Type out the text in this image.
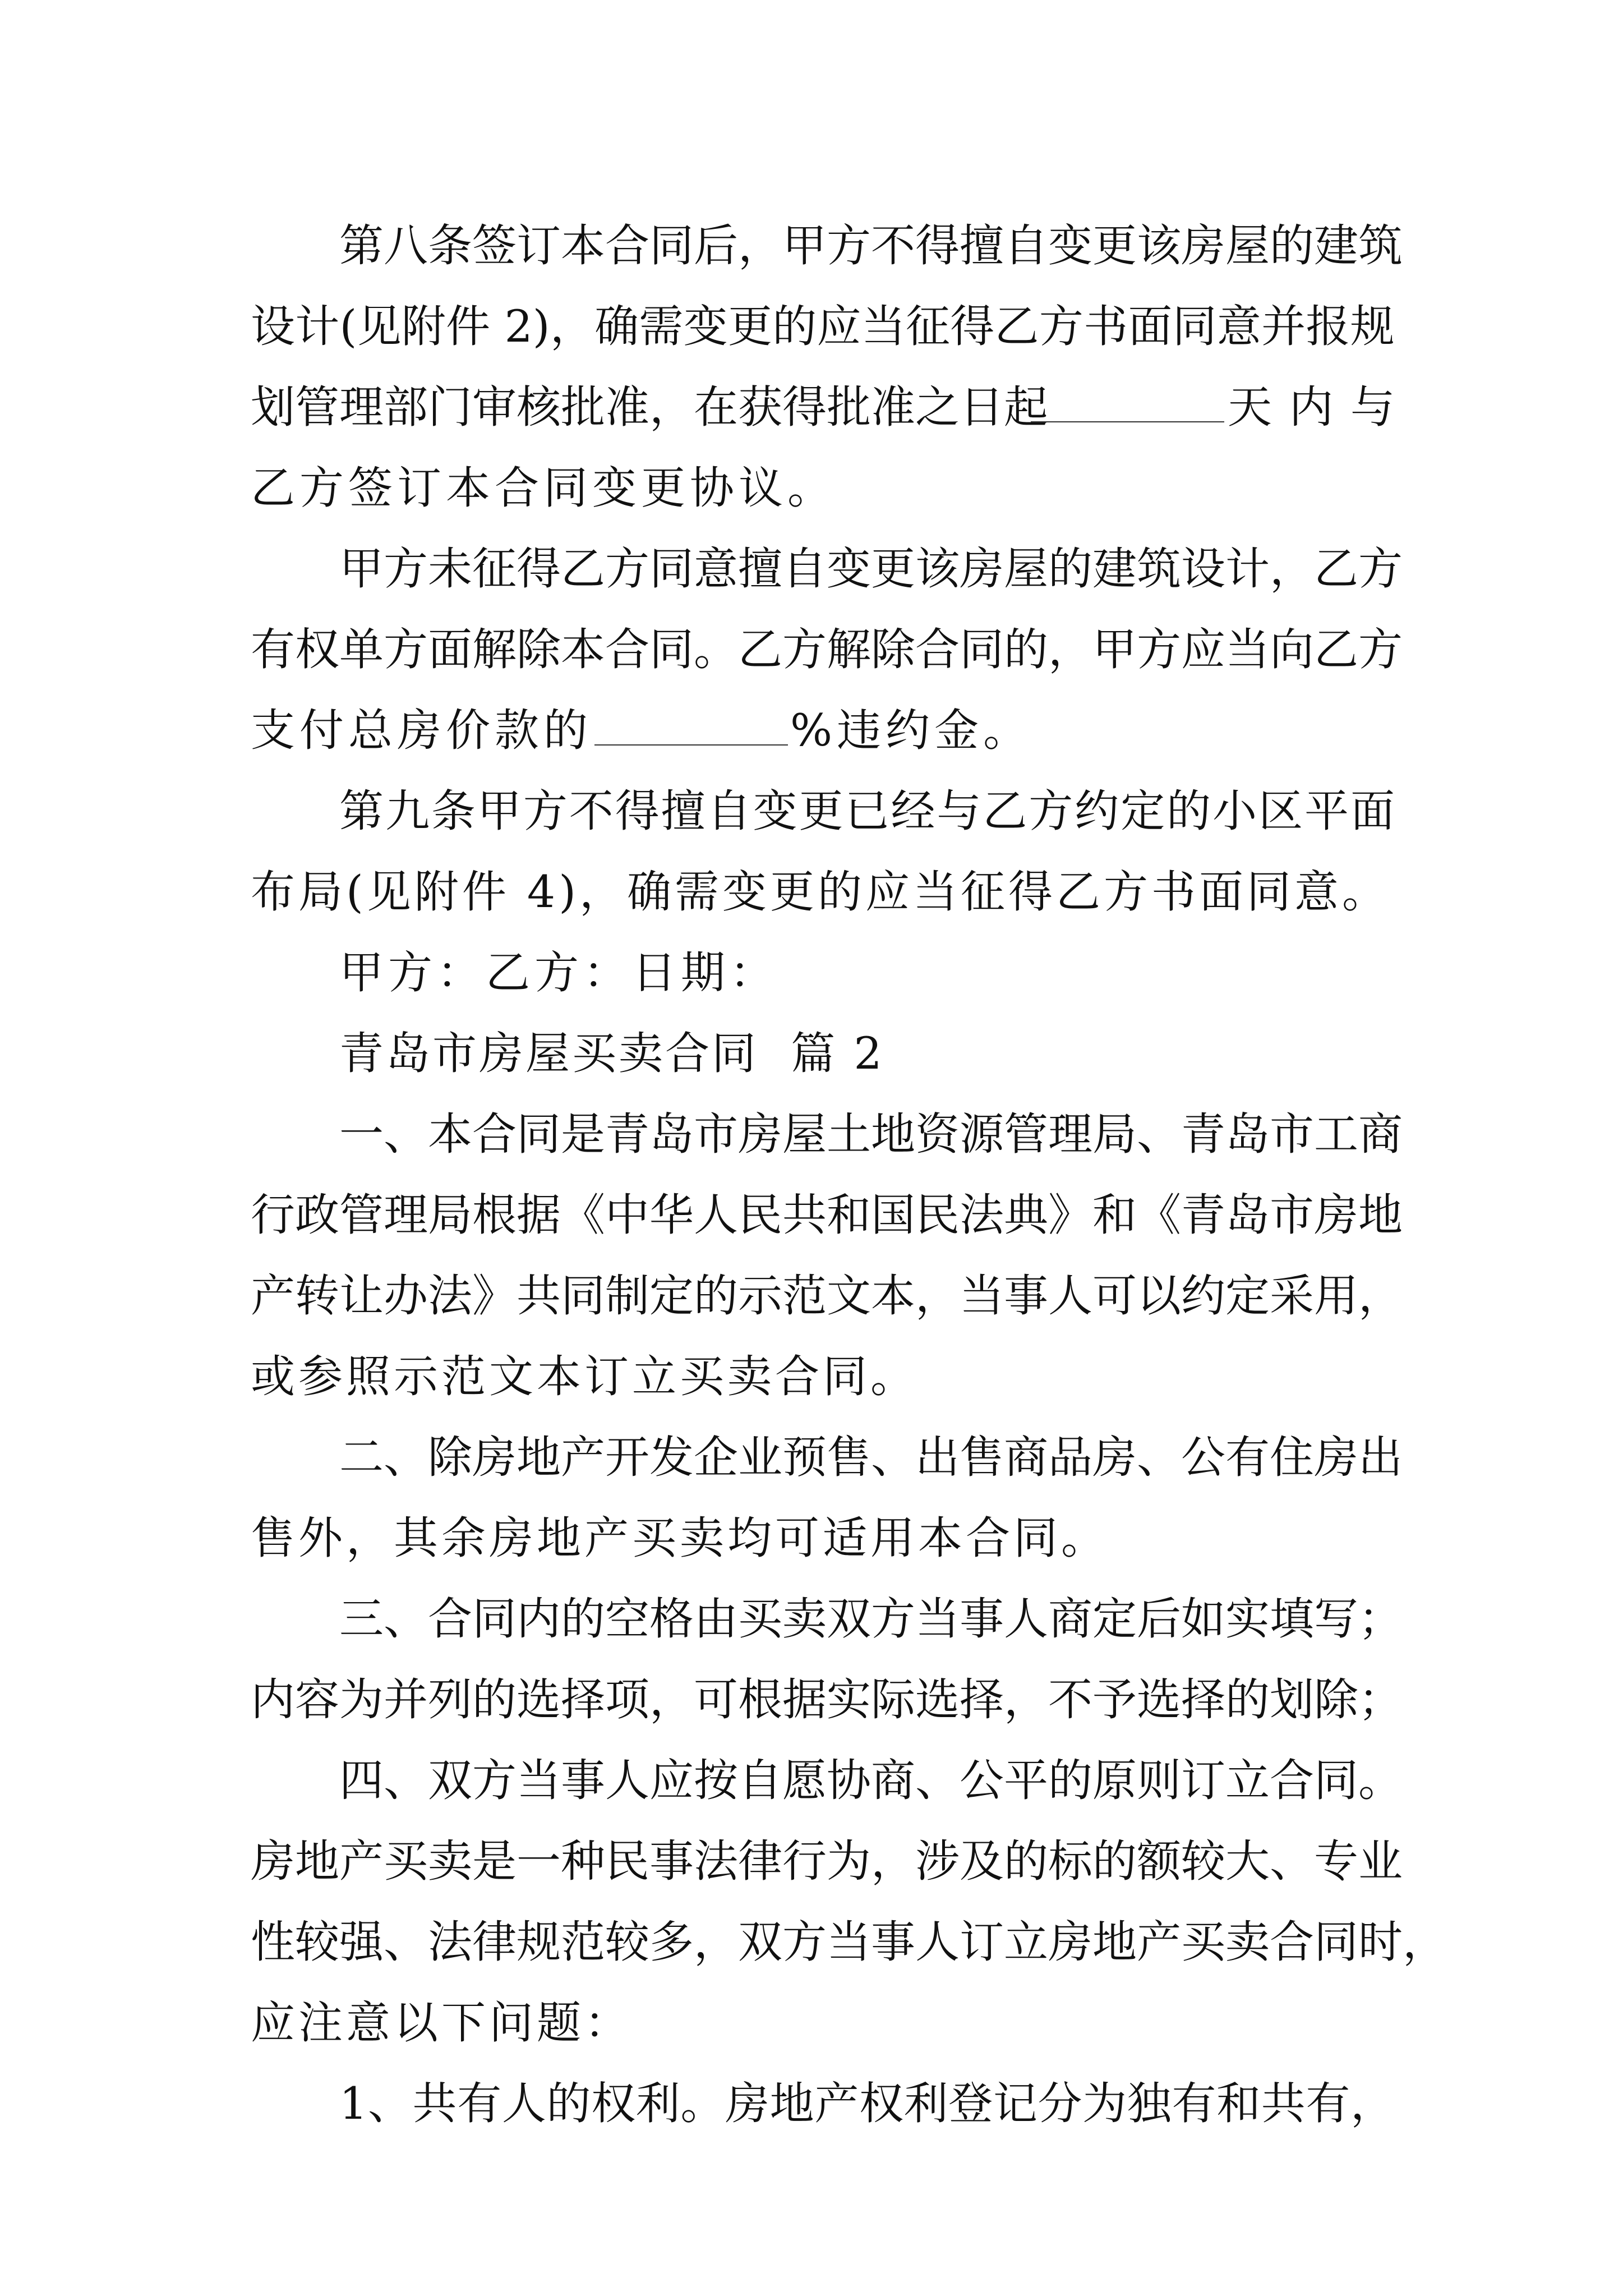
第 八 条 签 订 本 合 同 后 ， 甲 方 不 得 擅 自 变 更 该 房 屋 的 建 筑
设 计 ( 见 附 件 2) ， 确 需 变 更 的 应 当 征 得 乙 方 书 面 同 意 并 报 规
划 管 理 部 门 审 核 批 准 ， 在 获 得 批 准 之 日 起	天 内 与
乙方签订本合同变更协议。
甲 方 未 征 得 乙 方 同 意 擅 自 变 更 该 房 屋 的 建 筑 设 计 ， 乙 方
有 权 单 方 面 解 除 本 合 同 。 乙 方 解 除 合 同 的 ， 甲 方 应 当 向 乙 方
支付总房价款的	%违约金。
第 九 条 甲 方 不 得 擅 自 变 更 已 经 与 乙 方 约 定 的 小 区 平 面
布局(见附件 4)，确需变更的应当征得乙方书面同意。
甲方：乙方：日期：
青岛市房屋买卖合同  篇 2
一 、 本 合 同 是 青 岛 市 房 屋 土 地 资 源 管 理 局 、 青 岛 市 工 商
行 政 管 理 局 根 据 《 中 华 人 民 共 和 国 民 法 典 》 和 《 青 岛 市 房 地
产 转 让 办 法 》 共 同 制 定 的 示 范 文 本 ， 当 事 人 可 以 约 定 采 用 ，
或参照示范文本订立买卖合同。
二 、 除 房 地 产 开 发 企 业 预 售 、 出 售 商 品 房 、 公 有 住 房 出
售外，其余房地产买卖均可适用本合同。
三 、 合 同 内 的 空 格 由 买 卖 双 方 当 事 人 商 定 后 如 实 填 写 ；
内 容 为 并 列 的 选 择 项 ， 可 根 据 实 际 选 择 ， 不 予 选 择 的 划 除 ；
四 、 双 方 当 事 人 应 按 自 愿 协 商 、 公 平 的 原 则 订 立 合 同 。
房 地 产 买 卖 是 一 种 民 事 法 律 行 为 ， 涉 及 的 标 的 额 较 大 、 专 业
性 较 强 、 法 律 规 范 较 多 ， 双 方 当 事 人 订 立 房 地 产 买 卖 合 同 时 ，
应注意以下问题：
1 、 共 有 人 的 权 利 。 房 地 产 权 利 登 记 分 为 独 有 和 共 有 ，
